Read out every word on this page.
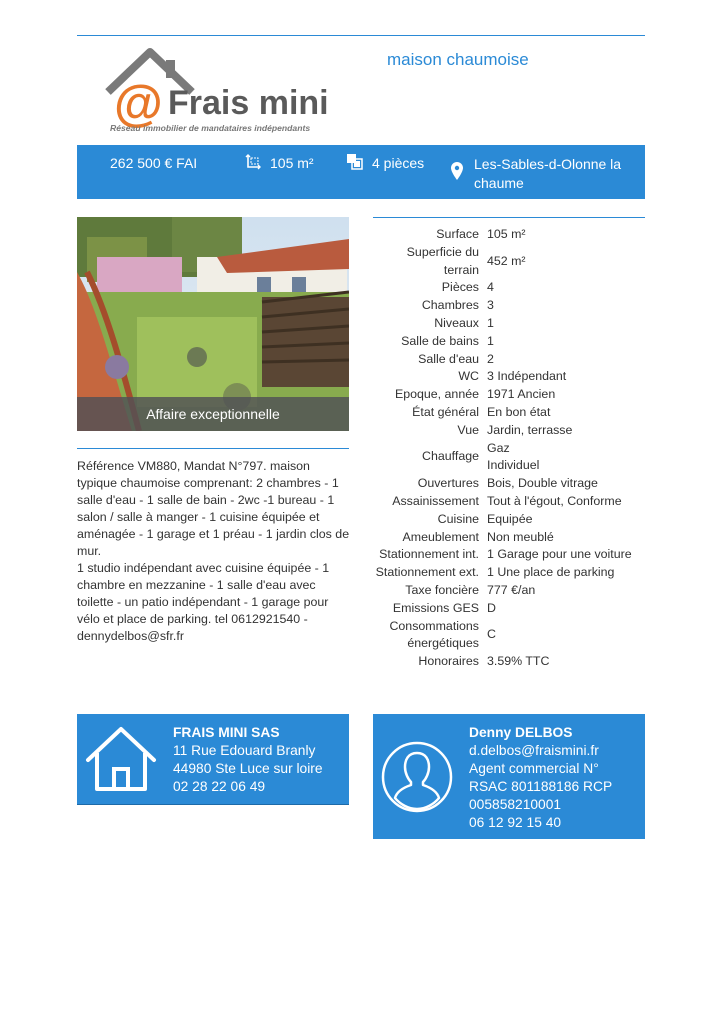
@ Frais mini
Réseau immobilier de mandataires indépendants
maison chaumoise
262 500 € FAI	105 m²	4 pièces	Les-Sables-d-Olonne la chaume
Affaire exceptionnelle

Référence VM880, Mandat N°797. maison typique chaumoise comprenant: 2 chambres - 1 salle d'eau - 1 salle de bain - 2wc -1 bureau - 1 salon / salle à manger - 1 cuisine équipée et aménagée - 1 garage et 1 préau - 1 jardin clos de mur.

1 studio indépendant avec cuisine équipée - 1 chambre en mezzanine - 1 salle d'eau avec toilette - un patio indépendant - 1 garage pour vélo et place de parking. tel 0612921540 - dennydelbos@sfr.fr

Surface	105 m²
Superficie du terrain	452 m²
Pièces	4
Chambres	3
Niveaux	1
Salle de bains	1
Salle d'eau	2
WC	3 Indépendant
Epoque, année	1971 Ancien
État général	En bon état
Vue	Jardin, terrasse
Chauffage	Gaz
Individuel
Ouvertures	Bois, Double vitrage
Assainissement	Tout à l'égout, Conforme
Cuisine	Equipée
Ameublement	Non meublé
Stationnement int.	1 Garage pour une voiture
Stationnement ext.	1 Une place de parking
Taxe foncière	777 €/an
Emissions GES	D
Consommations énergétiques	C
Honoraires	3.59% TTC
FRAIS MINI SAS
11 Rue Edouard Branly
44980 Ste Luce sur loire
02 28 22 06 49
Denny DELBOS
d.delbos@fraismini.fr
Agent commercial N°
RSAC 801188186 RCP
005858210001
06 12 92 15 40
